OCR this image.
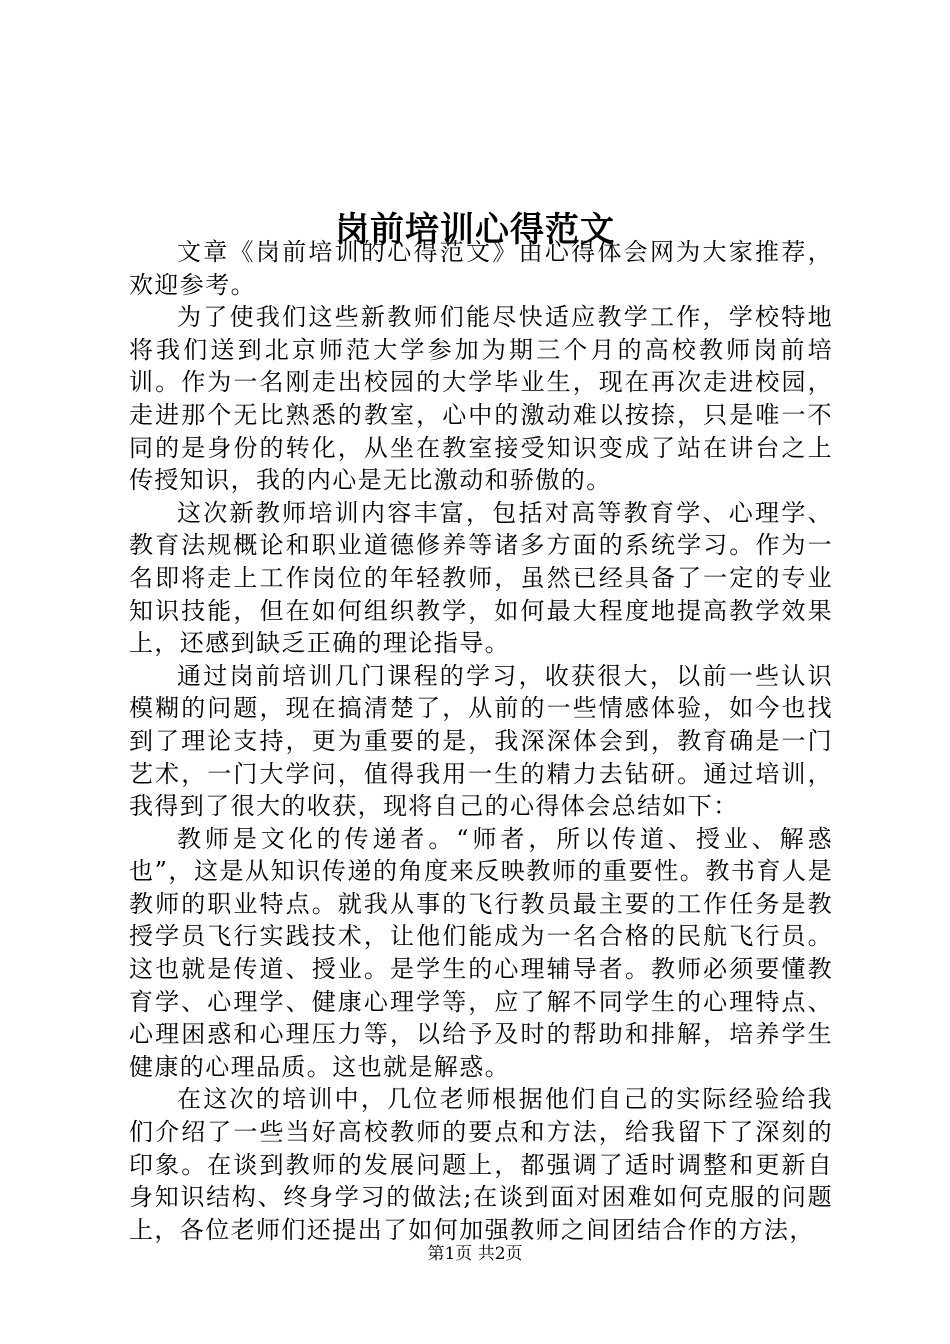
岗前培训心得范文

文章《岗前培训的心得范文》由心得体会网为大家推荐，欢迎参考。

为了使我们这些新教师们能尽快适应教学工作，学校特地将我们送到北京师范大学参加为期三个月的高校教师岗前培训。作为一名刚走出校园的大学毕业生，现在再次走进校园，走进那个无比熟悉的教室，心中的激动难以按捺，只是唯一不同的是身份的转化，从坐在教室接受知识变成了站在讲台之上传授知识，我的内心是无比激动和骄傲的。

这次新教师培训内容丰富，包括对高等教育学、心理学、教育法规概论和职业道德修养等诸多方面的系统学习。作为一名即将走上工作岗位的年轻教师，虽然已经具备了一定的专业知识技能，但在如何组织教学，如何最大程度地提高教学效果上，还感到缺乏正确的理论指导。

通过岗前培训几门课程的学习，收获很大，以前一些认识模糊的问题，现在搞清楚了，从前的一些情感体验，如今也找到了理论支持，更为重要的是，我深深体会到，教育确是一门艺术，一门大学问，值得我用一生的精力去钻研。通过培训，我得到了很大的收获，现将自己的心得体会总结如下：

教师是文化的传递者。“师者，所以传道、授业、解惑也”，这是从知识传递的角度来反映教师的重要性。教书育人是教师的职业特点。就我从事的飞行教员最主要的工作任务是教授学员飞行实践技术，让他们能成为一名合格的民航飞行员。这也就是传道、授业。是学生的心理辅导者。教师必须要懂教育学、心理学、健康心理学等，应了解不同学生的心理特点、心理困惑和心理压力等，以给予及时的帮助和排解，培养学生健康的心理品质。这也就是解惑。

在这次的培训中，几位老师根据他们自己的实际经验给我们介绍了一些当好高校教师的要点和方法，给我留下了深刻的印象。在谈到教师的发展问题上，都强调了适时调整和更新自身知识结构、终身学习的做法;在谈到面对困难如何克服的问题上，各位老师们还提出了如何加强教师之间团结合作的方法，

第1页 共2页
